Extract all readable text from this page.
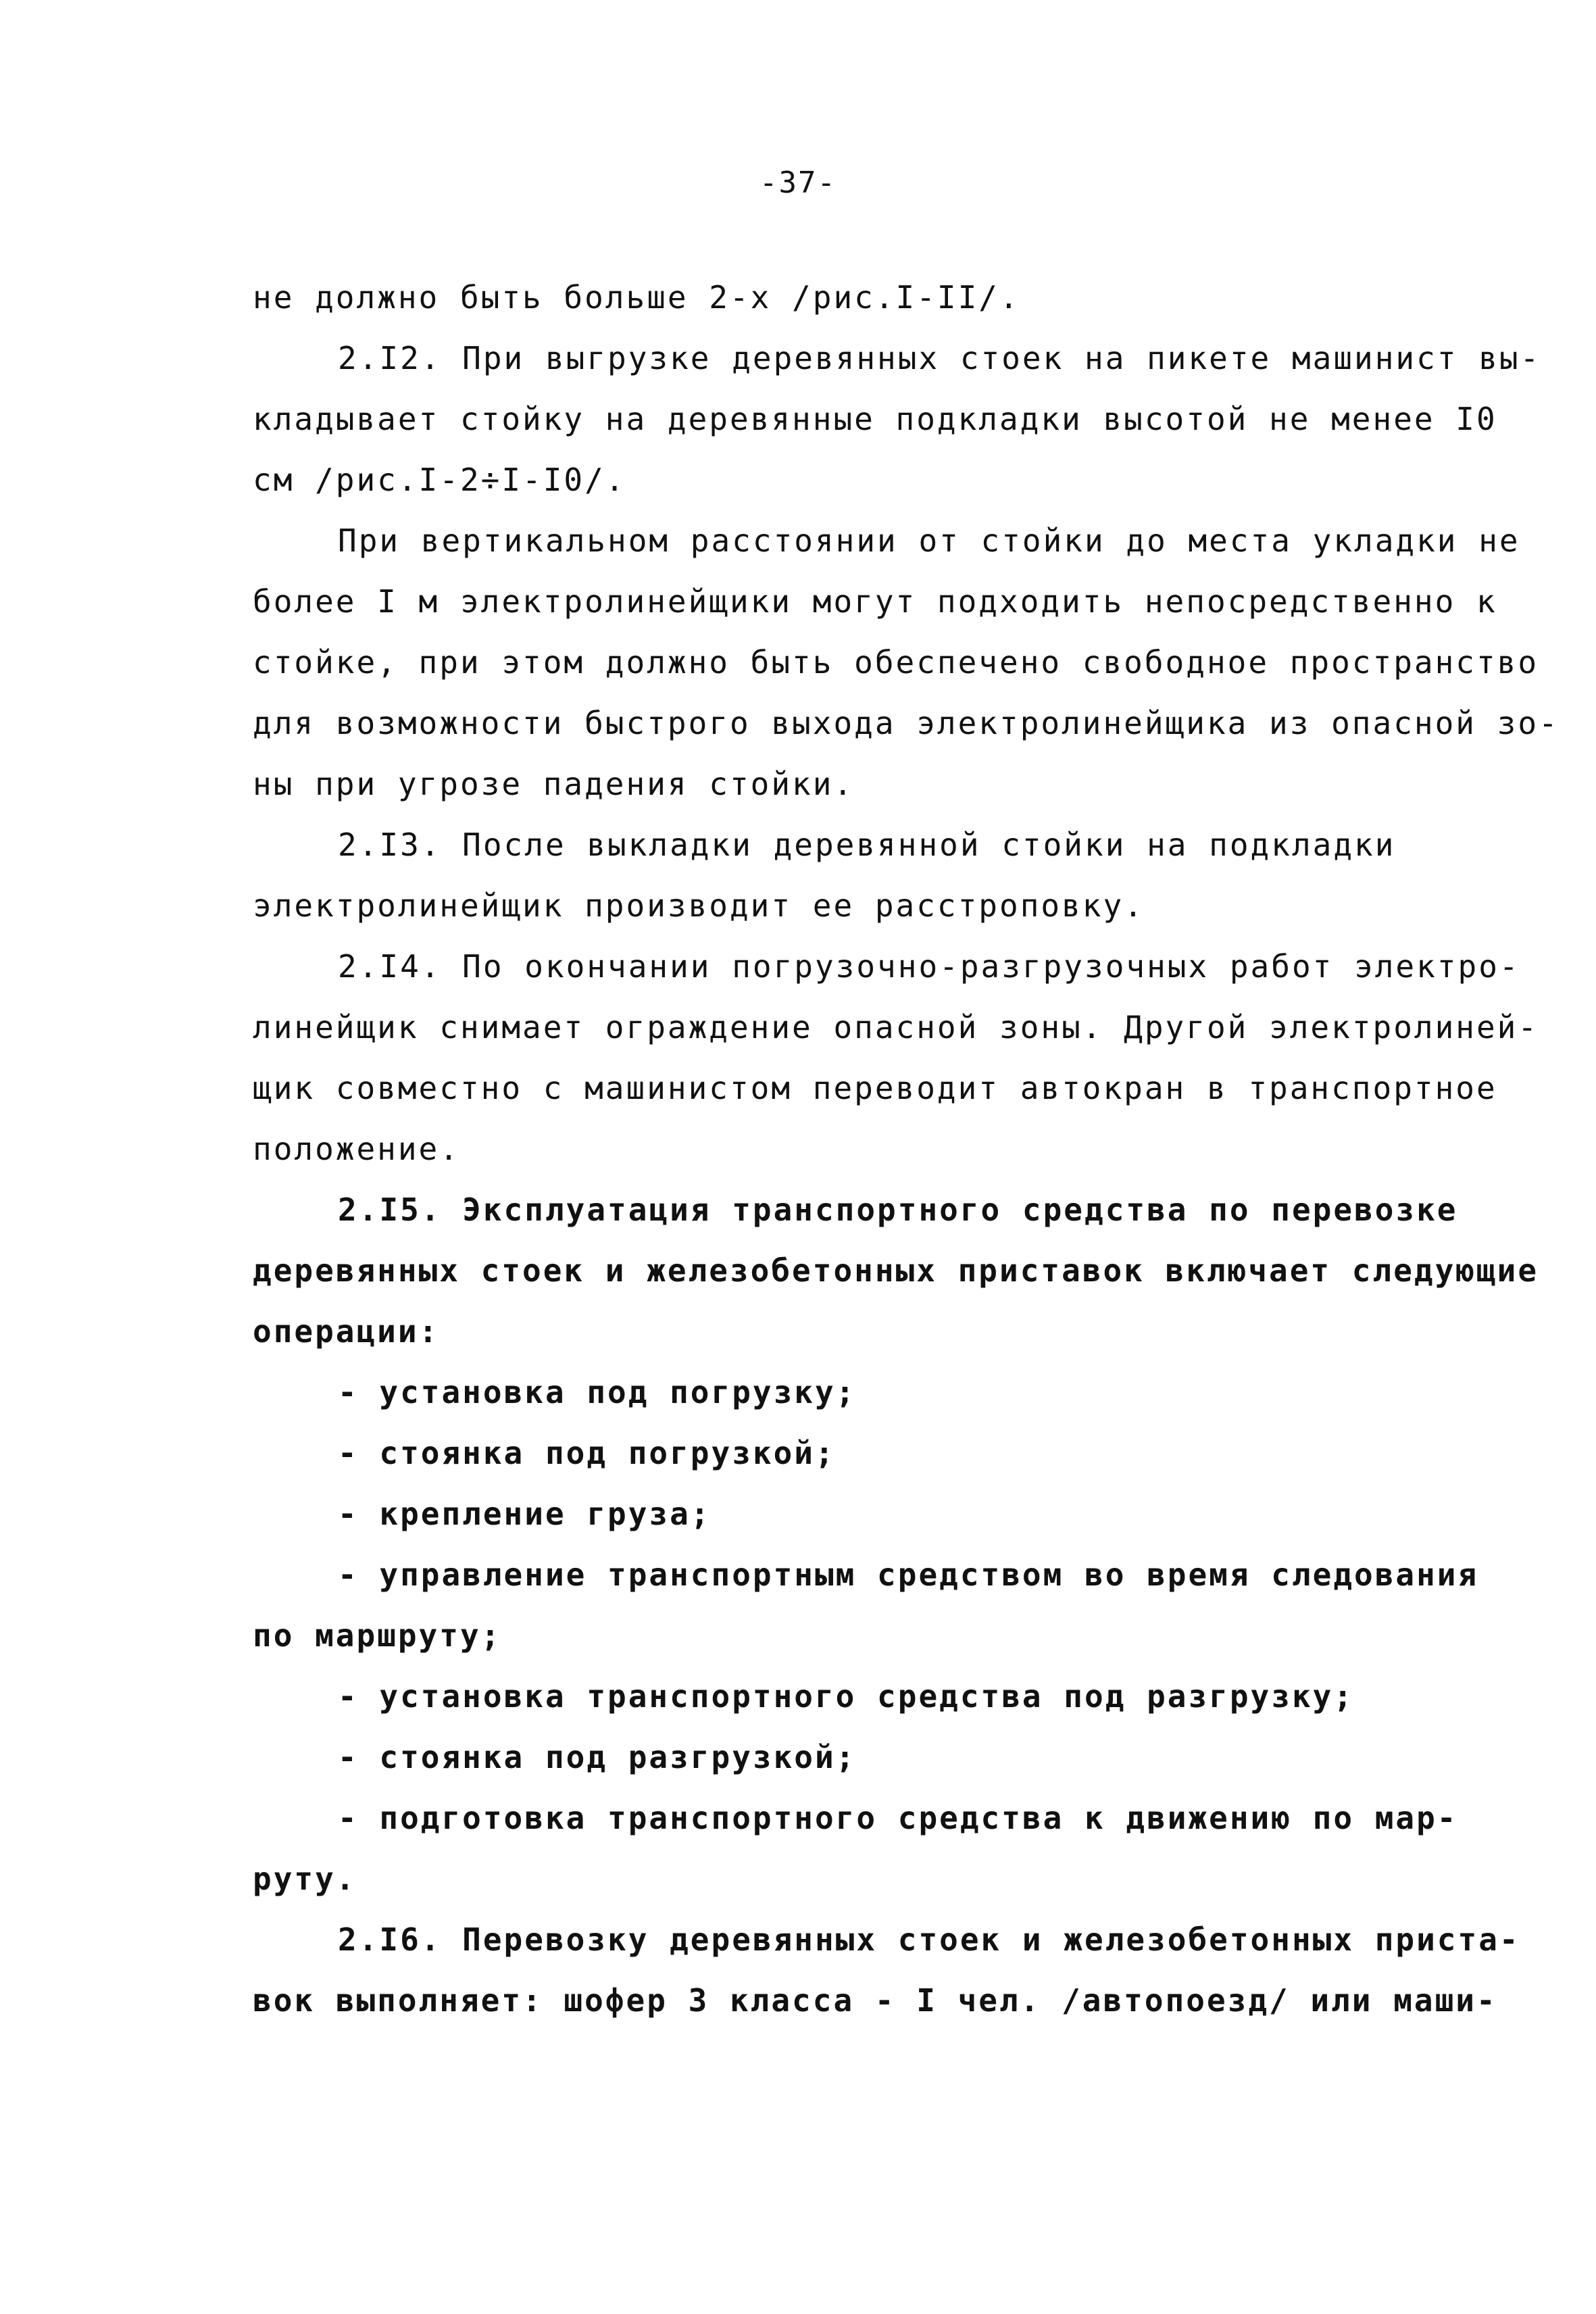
-37-
не должно быть больше 2-х /рис.I-II/.
2.I2. При выгрузке деревянных стоек на пикете машинист вы-
кладывает стойку на деревянные подкладки высотой не менее I0
см /рис.I-2÷I-I0/.
При вертикальном расстоянии от стойки до места укладки не
более I м электролинейщики могут подходить непосредственно к
стойке, при этом должно быть обеспечено свободное пространство
для возможности быстрого выхода электролинейщика из опасной зо-
ны при угрозе падения стойки.
2.I3. После выкладки деревянной стойки на подкладки
электролинейщик производит ее расстроповку.
2.I4. По окончании погрузочно-разгрузочных работ электро-
линейщик снимает ограждение опасной зоны. Другой электролиней-
щик совместно с машинистом переводит автокран в транспортное
положение.
2.I5. Эксплуатация транспортного средства по перевозке
деревянных стоек и железобетонных приставок включает следующие
операции:
- установка под погрузку;
- стоянка под погрузкой;
- крепление груза;
- управление транспортным средством во время следования
по маршруту;
- установка транспортного средства под разгрузку;
- стоянка под разгрузкой;
- подготовка транспортного средства к движению по мар-
руту.
2.I6. Перевозку деревянных стоек и железобетонных приста-
вок выполняет: шофер 3 класса - I чел. /автопоезд/ или маши-
